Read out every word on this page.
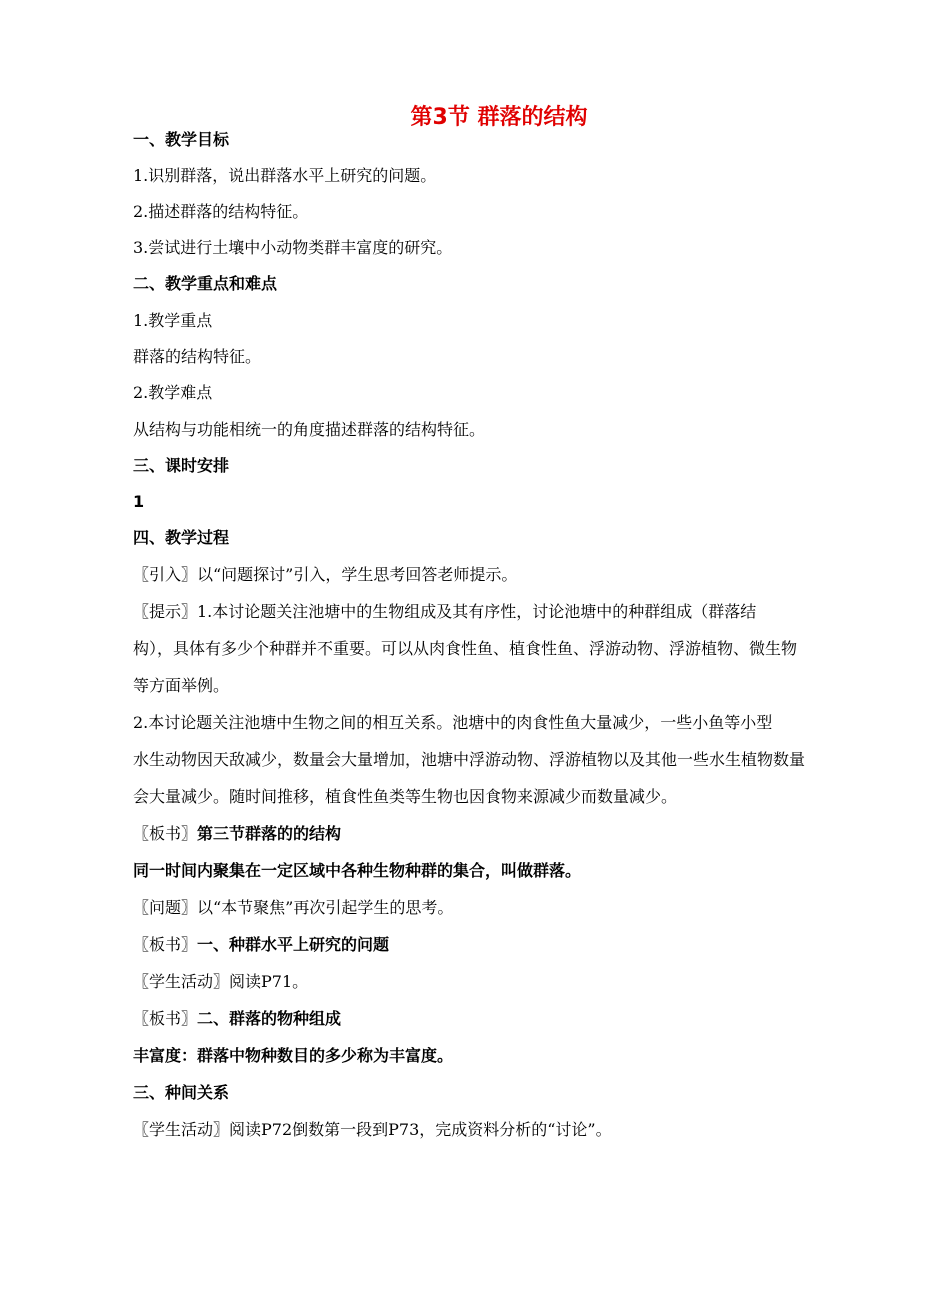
第3节 群落的结构
一、教学目标
1.识别群落，说出群落水平上研究的问题。
2.描述群落的结构特征。
3.尝试进行土壤中小动物类群丰富度的研究。
二、教学重点和难点
1.教学重点
群落的结构特征。
2.教学难点
从结构与功能相统一的角度描述群落的结构特征。
三、课时安排
1
四、教学过程
〖引入〗以“问题探讨”引入，学生思考回答老师提示。
〖提示〗1.本讨论题关注池塘中的生物组成及其有序性，讨论池塘中的种群组成（群落结
构），具体有多少个种群并不重要。可以从肉食性鱼、植食性鱼、浮游动物、浮游植物、微生物
等方面举例。
2.本讨论题关注池塘中生物之间的相互关系。池塘中的肉食性鱼大量减少，一些小鱼等小型
水生动物因天敌减少，数量会大量增加，池塘中浮游动物、浮游植物以及其他一些水生植物数量
会大量减少。随时间推移，植食性鱼类等生物也因食物来源减少而数量减少。
〖板书〗第三节群落的的结构
同一时间内聚集在一定区域中各种生物种群的集合，叫做群落。
〖问题〗以“本节聚焦”再次引起学生的思考。
〖板书〗一、种群水平上研究的问题
〖学生活动〗阅读P71。
〖板书〗二、群落的物种组成
丰富度：群落中物种数目的多少称为丰富度。
三、种间关系
〖学生活动〗阅读P72倒数第一段到P73，完成资料分析的“讨论”。
